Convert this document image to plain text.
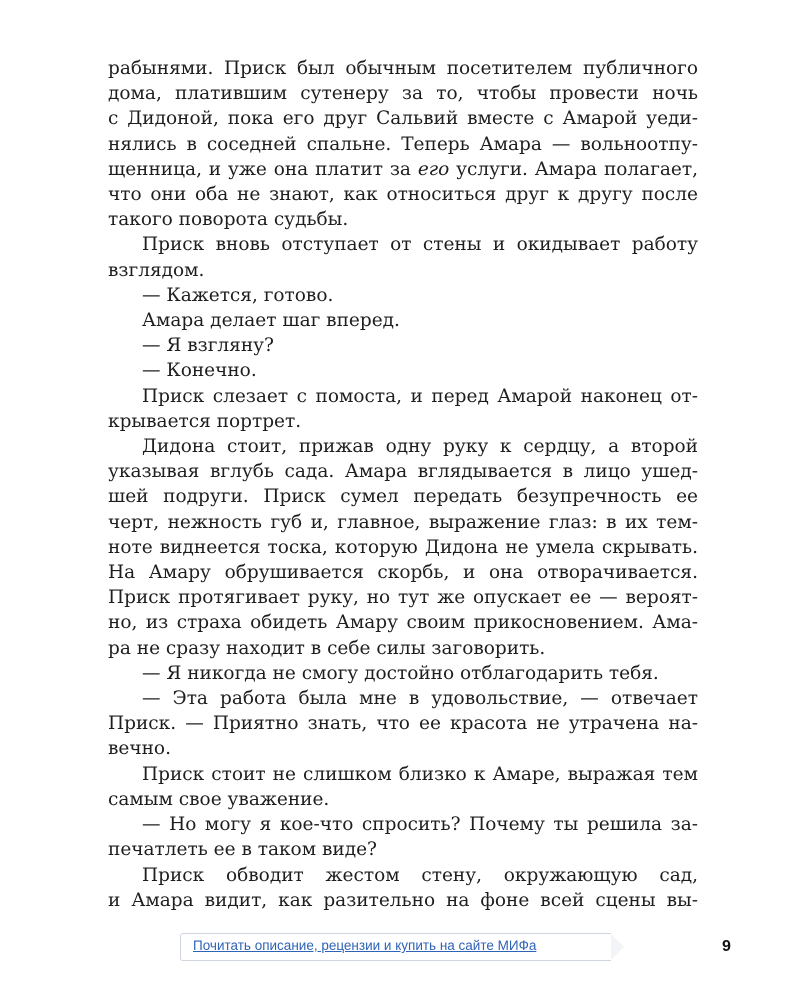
рабынями. Приск был обычным посетителем публичного
дома, платившим сутенеру за то, чтобы провести ночь
с Дидоной, пока его друг Сальвий вместе с Амарой уеди-
нялись в соседней спальне. Теперь Амара — вольноотпу-
щенница, и уже она платит за его услуги. Амара полагает,
что они оба не знают, как относиться друг к другу после
такого поворота судьбы.
Приск вновь отступает от стены и окидывает работу
взглядом.
— Кажется, готово.
Амара делает шаг вперед.
— Я взгляну?
— Конечно.
Приск слезает с помоста, и перед Амарой наконец от-
крывается портрет.
Дидона стоит, прижав одну руку к сердцу, а второй
указывая вглубь сада. Амара вглядывается в лицо ушед-
шей подруги. Приск сумел передать безупречность ее
черт, нежность губ и, главное, выражение глаз: в их тем-
ноте виднеется тоска, которую Дидона не умела скрывать.
На Амару обрушивается скорбь, и она отворачивается.
Приск протягивает руку, но тут же опускает ее — вероят-
но, из страха обидеть Амару своим прикосновением. Ама-
ра не сразу находит в себе силы заговорить.
— Я никогда не смогу достойно отблагодарить тебя.
— Эта работа была мне в удовольствие, — отвечает
Приск. — Приятно знать, что ее красота не утрачена на-
вечно.
Приск стоит не слишком близко к Амаре, выражая тем
самым свое уважение.
— Но могу я кое-что спросить? Почему ты решила за-
печатлеть ее в таком виде?
Приск обводит жестом стену, окружающую сад,
и Амара видит, как разительно на фоне всей сцены вы-
Почитать описание, рецензии и купить на сайте МИФа	9
